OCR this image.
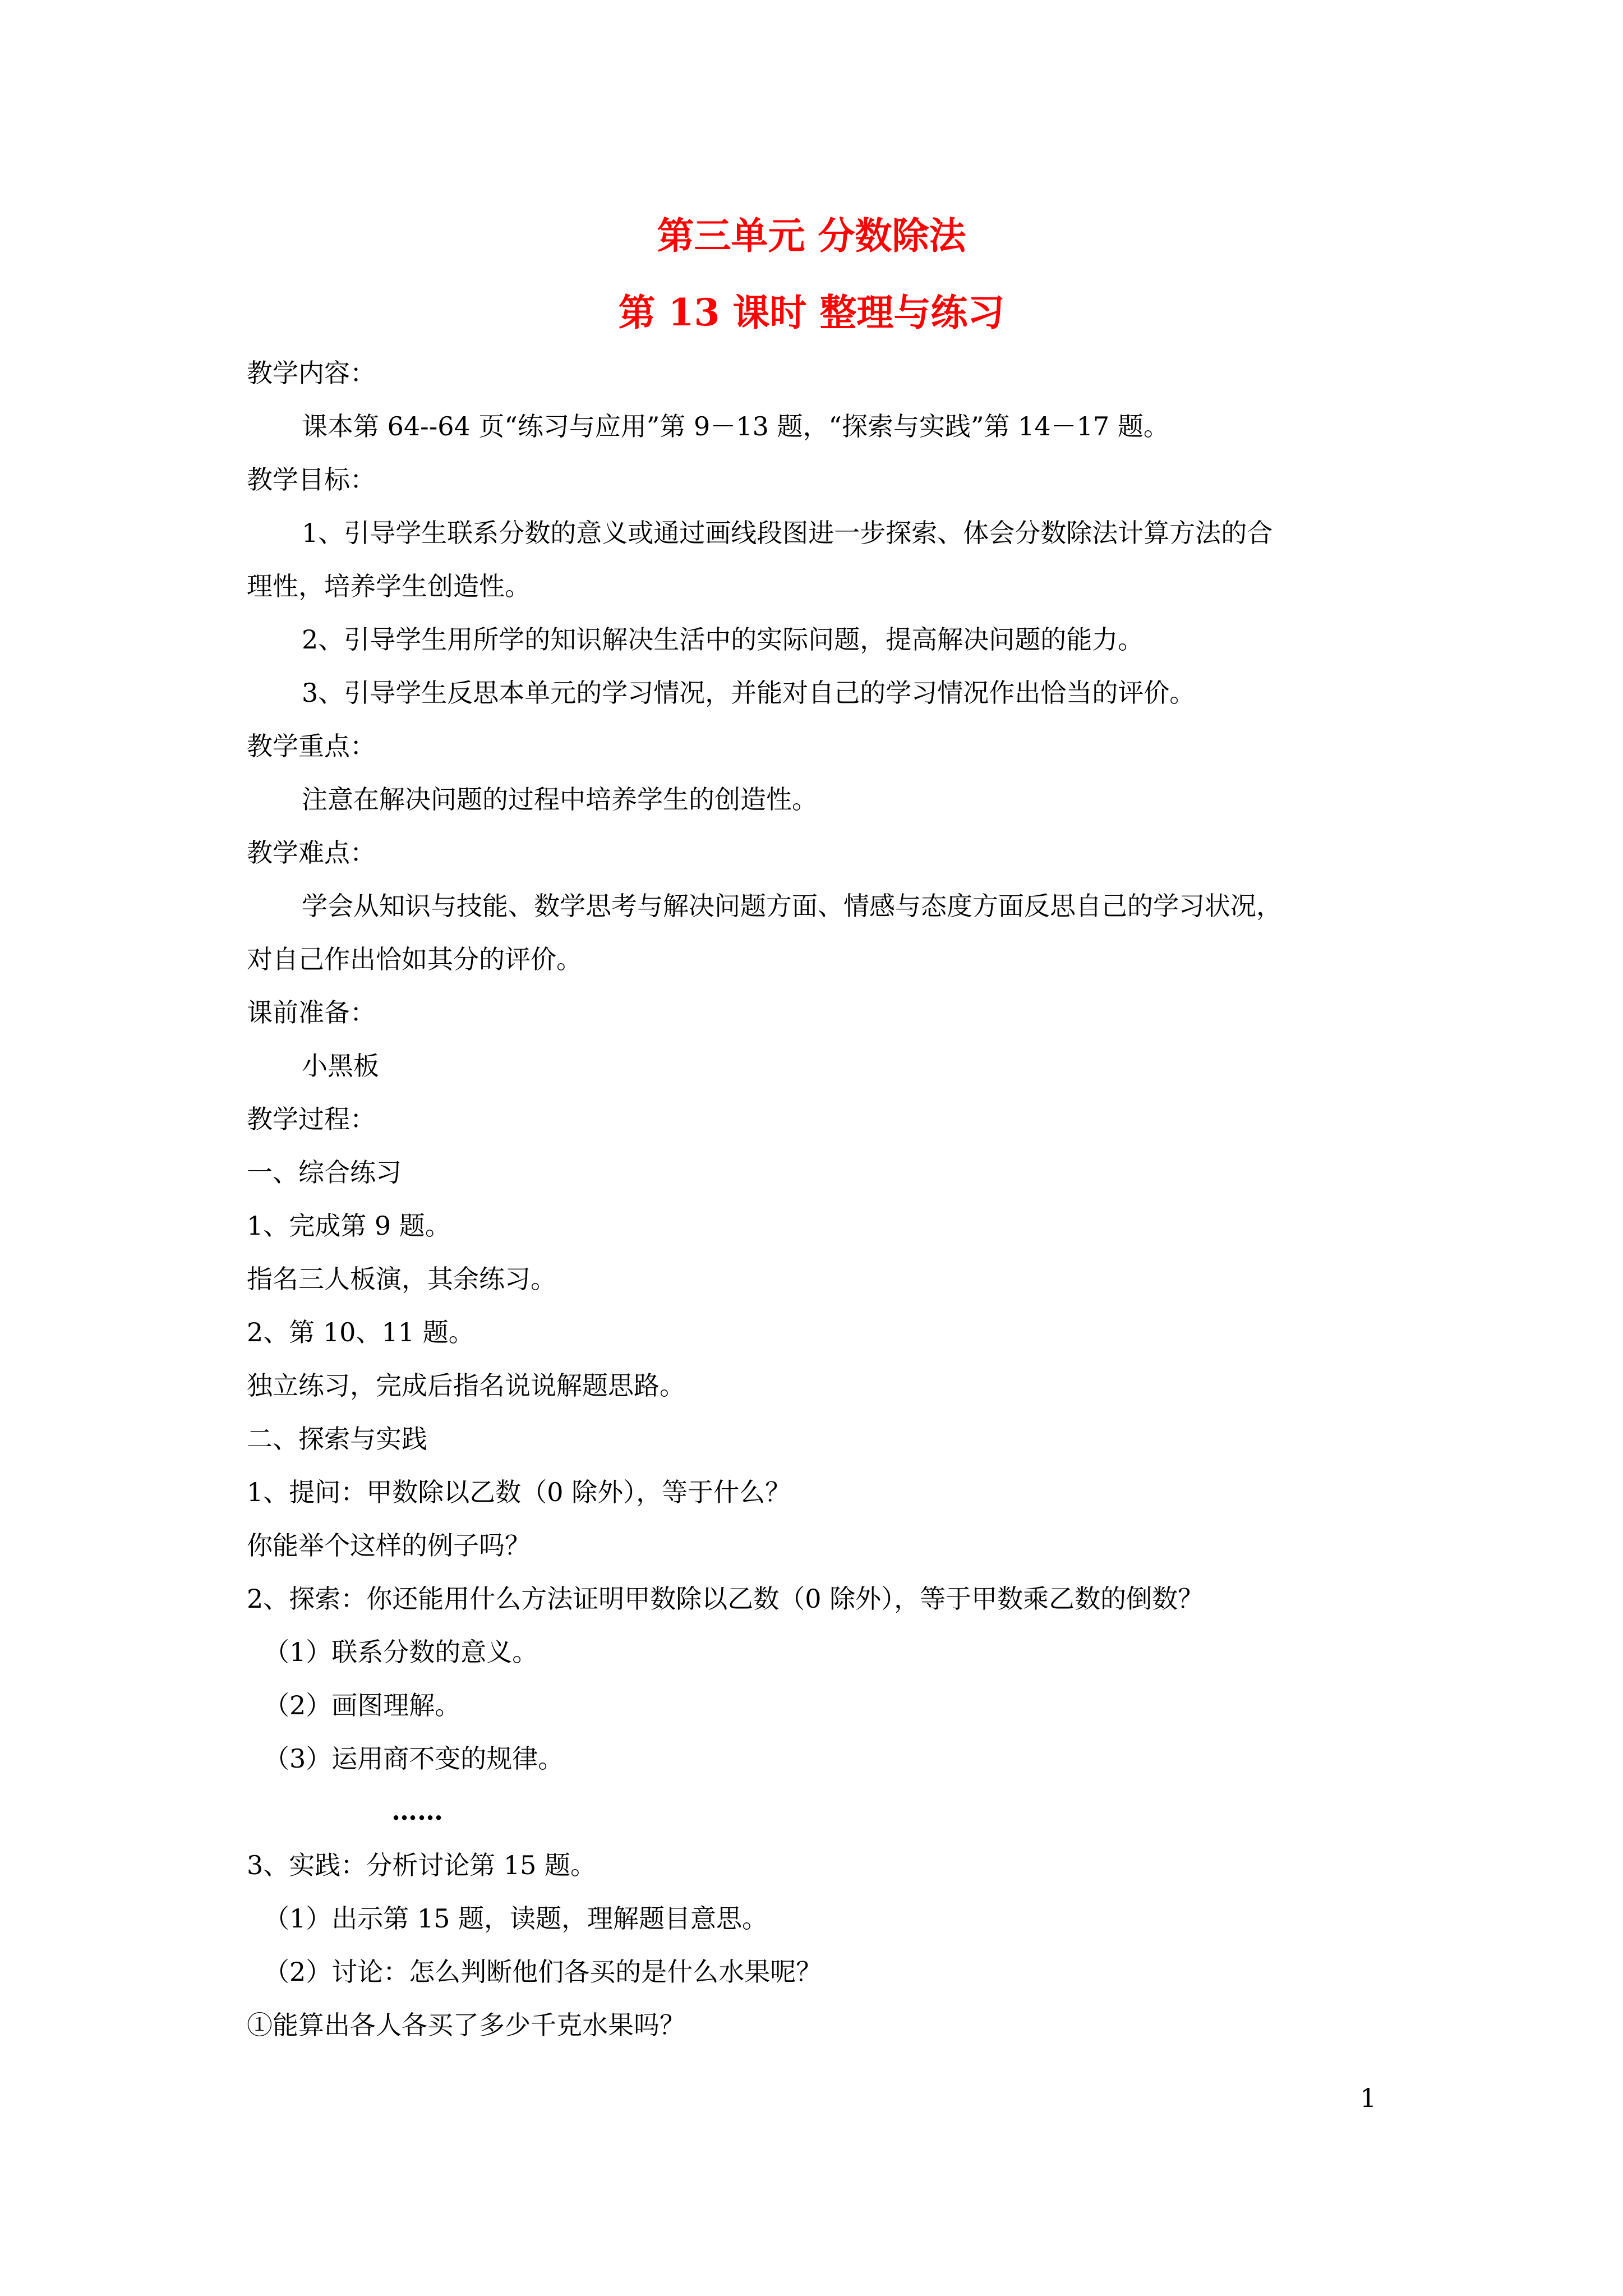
第三单元 分数除法
第 13 课时 整理与练习
教学内容：
课本第 64--64 页“练习与应用”第 9－13 题，“探索与实践”第 14－17 题。
教学目标：
1、引导学生联系分数的意义或通过画线段图进一步探索、体会分数除法计算方法的合
理性，培养学生创造性。
2、引导学生用所学的知识解决生活中的实际问题，提高解决问题的能力。
3、引导学生反思本单元的学习情况，并能对自己的学习情况作出恰当的评价。
教学重点：
注意在解决问题的过程中培养学生的创造性。
教学难点：
学会从知识与技能、数学思考与解决问题方面、情感与态度方面反思自己的学习状况，
对自己作出恰如其分的评价。
课前准备：
小黑板
教学过程：
一、综合练习
1、完成第 9 题。
指名三人板演，其余练习。
2、第 10、11 题。
独立练习，完成后指名说说解题思路。
二、探索与实践
1、提问：甲数除以乙数（0 除外），等于什么？
你能举个这样的例子吗？
2、探索：你还能用什么方法证明甲数除以乙数（0 除外），等于甲数乘乙数的倒数？
（1）联系分数的意义。
（2）画图理解。
（3）运用商不变的规律。
……
3、实践：分析讨论第 15 题。
（1）出示第 15 题，读题，理解题目意思。
（2）讨论：怎么判断他们各买的是什么水果呢？
①能算出各人各买了多少千克水果吗？
1
